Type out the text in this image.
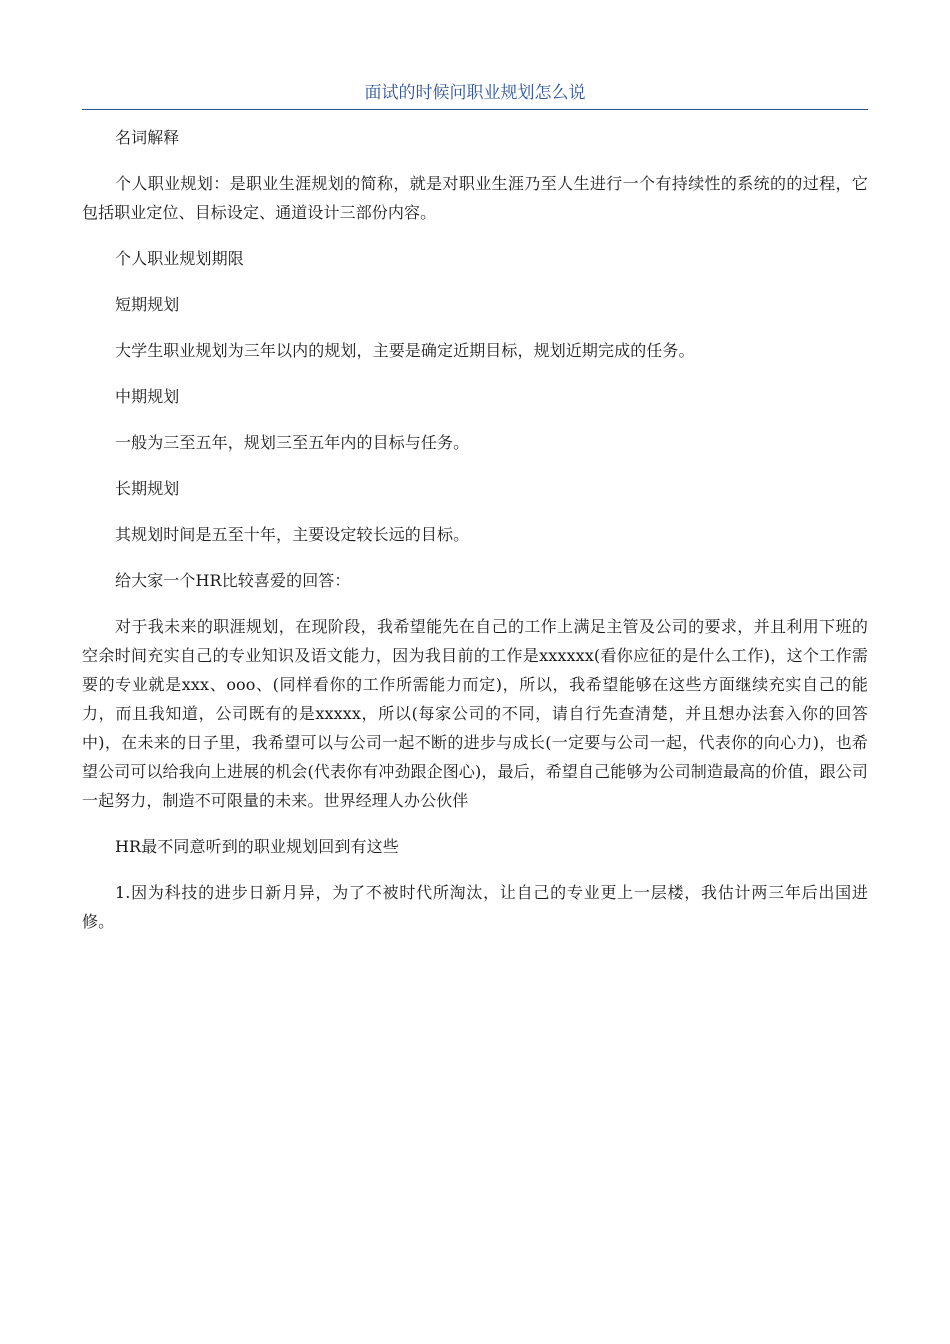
面试的时候问职业规划怎么说

名词解释

个人职业规划：是职业生涯规划的简称，就是对职业生涯乃至人生进行一个有持续性的系统的的过程，它包括职业定位、目标设定、通道设计三部份内容。

个人职业规划期限

短期规划

大学生职业规划为三年以内的规划，主要是确定近期目标，规划近期完成的任务。

中期规划

一般为三至五年，规划三至五年内的目标与任务。

长期规划

其规划时间是五至十年，主要设定较长远的目标。

给大家一个HR比较喜爱的回答：

对于我未来的职涯规划，在现阶段，我希望能先在自己的工作上满足主管及公司的要求，并且利用下班的空余时间充实自己的专业知识及语文能力，因为我目前的工作是xxxxxx(看你应征的是什么工作)，这个工作需要的专业就是xxx、ooo、(同样看你的工作所需能力而定)，所以，我希望能够在这些方面继续充实自己的能力，而且我知道，公司既有的是xxxxx，所以(每家公司的不同，请自行先查清楚，并且想办法套入你的回答中)，在未来的日子里，我希望可以与公司一起不断的进步与成长(一定要与公司一起，代表你的向心力)，也希望公司可以给我向上进展的机会(代表你有冲劲跟企图心)，最后，希望自己能够为公司制造最高的价值，跟公司一起努力，制造不可限量的未来。世界经理人办公伙伴

HR最不同意听到的职业规划回到有这些

1.因为科技的进步日新月异，为了不被时代所淘汰，让自己的专业更上一层楼，我估计两三年后出国进修。
